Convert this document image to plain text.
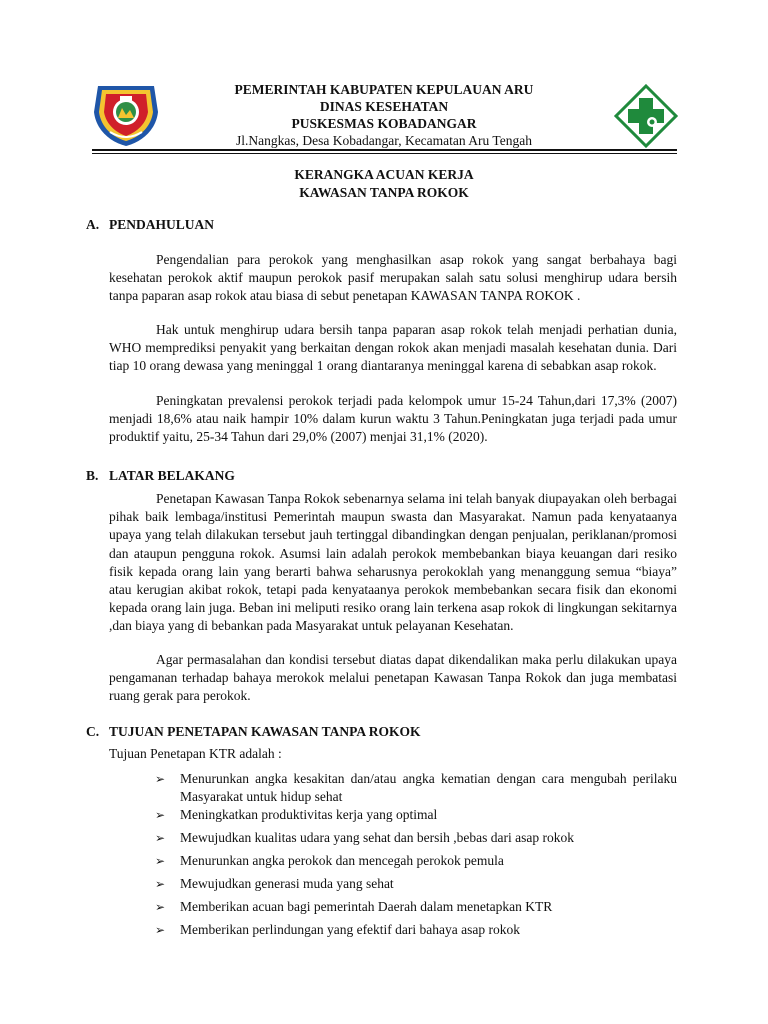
PEMERINTAH KABUPATEN KEPULAUAN ARU
DINAS KESEHATAN
PUSKESMAS KOBADANGAR
Jl.Nangkas, Desa Kobadangar, Kecamatan Aru Tengah
KERANGKA ACUAN KERJA
KAWASAN TANPA ROKOK
A. PENDAHULUAN

Pengendalian para perokok yang menghasilkan asap rokok yang sangat berbahaya bagi kesehatan perokok aktif maupun perokok pasif merupakan salah satu solusi menghirup udara bersih tanpa paparan asap rokok atau biasa di sebut penetapan KAWASAN TANPA ROKOK .

Hak untuk menghirup udara bersih tanpa paparan asap rokok telah menjadi perhatian dunia, WHO memprediksi penyakit yang berkaitan dengan rokok akan menjadi masalah kesehatan dunia. Dari tiap 10 orang dewasa yang meninggal 1 orang diantaranya meninggal karena di sebabkan asap rokok.

Peningkatan prevalensi perokok terjadi pada kelompok umur 15-24 Tahun,dari 17,3% (2007) menjadi 18,6% atau naik hampir 10% dalam kurun waktu 3 Tahun.Peningkatan juga terjadi pada umur produktif yaitu, 25-34 Tahun dari 29,0% (2007) menjai 31,1% (2020).

B. LATAR BELAKANG

Penetapan Kawasan Tanpa Rokok sebenarnya selama ini telah banyak diupayakan oleh berbagai pihak baik lembaga/institusi Pemerintah maupun swasta dan Masyarakat. Namun pada kenyataanya upaya yang telah dilakukan tersebut jauh tertinggal dibandingkan dengan penjualan, periklanan/promosi dan ataupun pengguna rokok. Asumsi lain adalah perokok membebankan biaya keuangan dari resiko fisik kepada orang lain yang berarti bahwa seharusnya perokoklah yang menanggung semua “biaya” atau kerugian akibat rokok, tetapi pada kenyataanya perokok membebankan secara fisik dan ekonomi kepada orang lain juga. Beban ini meliputi resiko orang lain terkena asap rokok di lingkungan sekitarnya ,dan biaya yang di bebankan pada Masyarakat untuk pelayanan Kesehatan.

Agar permasalahan dan kondisi tersebut diatas dapat dikendalikan maka perlu dilakukan upaya pengamanan terhadap bahaya merokok melalui penetapan Kawasan Tanpa Rokok dan juga membatasi ruang gerak para perokok.

C. TUJUAN PENETAPAN KAWASAN TANPA ROKOK
Tujuan Penetapan KTR adalah :
➢ Menurunkan angka kesakitan dan/atau angka kematian dengan cara mengubah perilaku Masyarakat untuk hidup sehat
➢ Meningkatkan produktivitas kerja yang optimal
➢ Mewujudkan kualitas udara yang sehat dan bersih ,bebas dari asap rokok
➢ Menurunkan angka perokok dan mencegah perokok pemula
➢ Mewujudkan generasi muda yang sehat
➢ Memberikan acuan bagi pemerintah Daerah dalam menetapkan KTR
➢ Memberikan perlindungan yang efektif dari bahaya asap rokok
